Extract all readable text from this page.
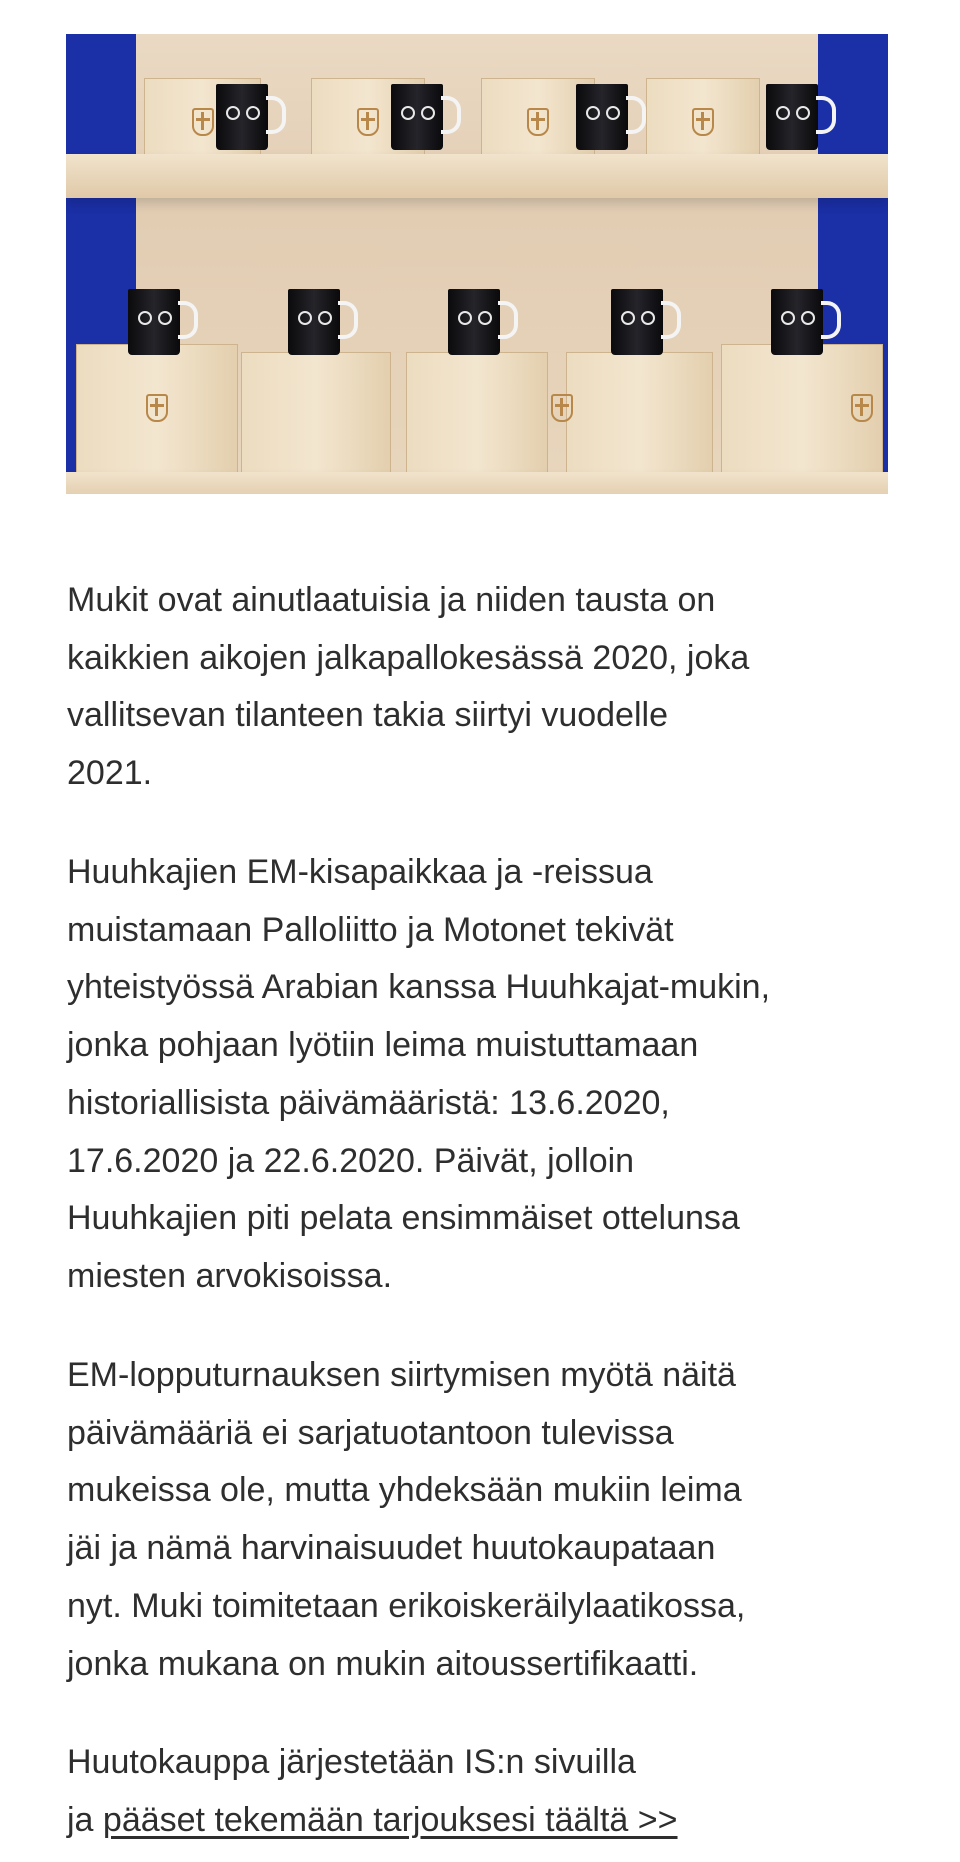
Mukit ovat ainutlaatuisia ja niiden tausta on
kaikkien aikojen jalkapallokesässä 2020, joka
vallitsevan tilanteen takia siirtyi vuodelle
2021.
Huuhkajien EM-kisapaikkaa ja -reissua
muistamaan Palloliitto ja Motonet tekivät
yhteistyössä Arabian kanssa Huuhkajat-mukin,
jonka pohjaan lyötiin leima muistuttamaan
historiallisista päivämääristä: 13.6.2020,
17.6.2020 ja 22.6.2020. Päivät, jolloin
Huuhkajien piti pelata ensimmäiset ottelunsa
miesten arvokisoissa.
EM-lopputurnauksen siirtymisen myötä näitä
päivämääriä ei sarjatuotantoon tulevissa
mukeissa ole, mutta yhdeksään mukiin leima
jäi ja nämä harvinaisuudet huutokaupataan
nyt. Muki toimitetaan erikoiskeräilylaatikossa,
jonka mukana on mukin aitoussertifikaatti.
Huutokauppa järjestetään IS:n sivuilla
ja pääset tekemään tarjouksesi täältä >>
